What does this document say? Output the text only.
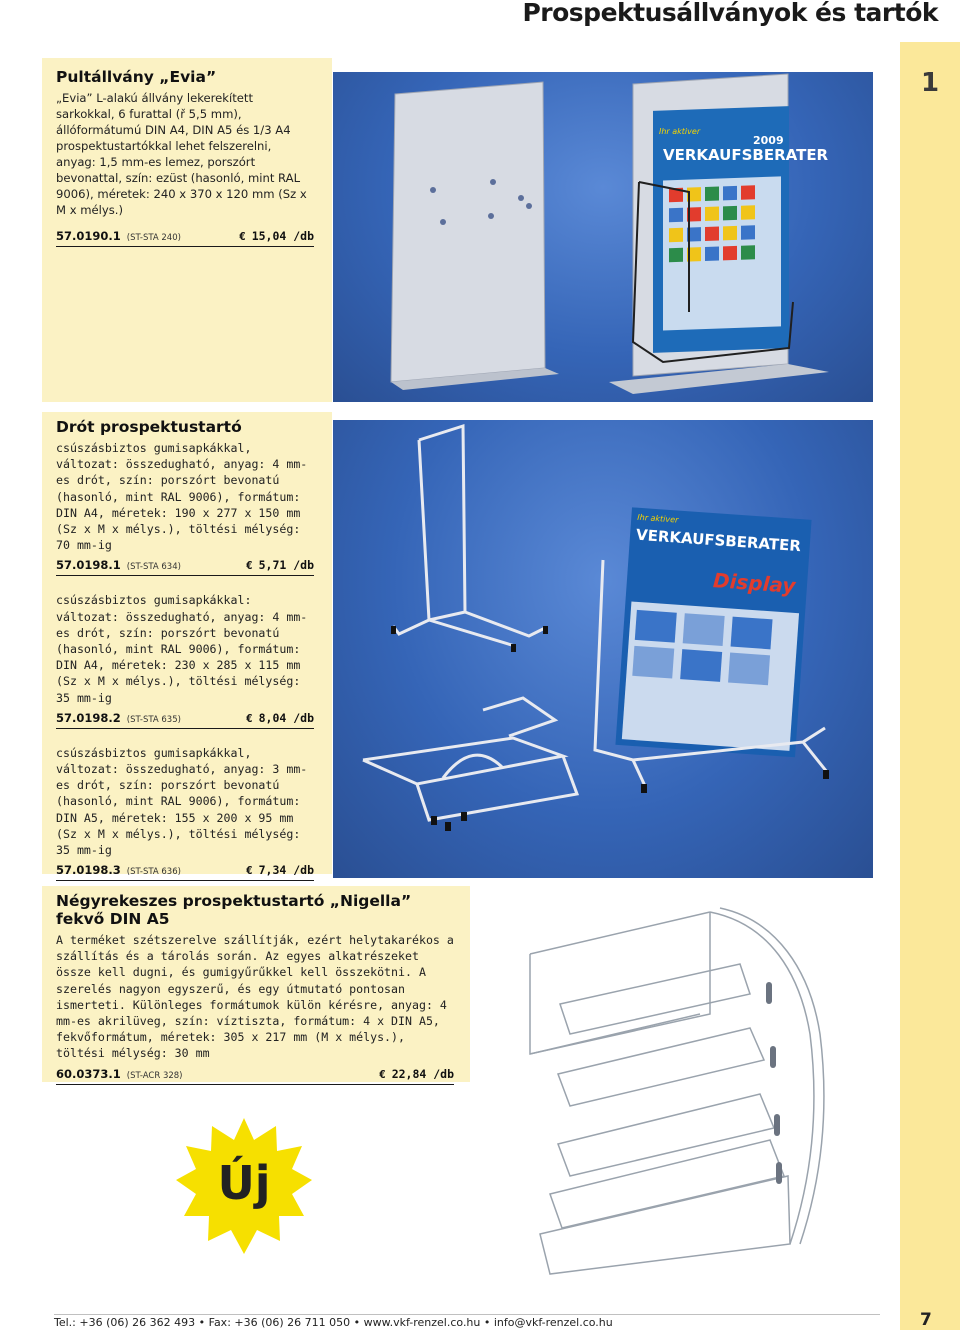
Prospektusállványok és tartók
1
Pultállvány „Evia”

„Evia” L-alakú állvány lekerekített sarkokkal, 6 furattal (ř 5,5 mm), állóformátumú DIN A4, DIN A5 és 1/3 A4 prospektustartókkal lehet felszerelni, anyag: 1,5 mm-es lemez, porszórt bevonattal, szín: ezüst (hasonló, mint RAL 9006), méretek: 240 x 370 x 120 mm (Sz x M x mélys.)

57.0190.1 (ST-STA 240)	€ 15,04 /db
Ihr aktiver
VERKAUFSBERATER
2009
Drót prospektustartó

csúszásbiztos gumisapkákkal, változat: összedugható, anyag: 4 mm-es drót, szín: porszórt bevonatú (hasonló, mint RAL 9006), formátum: DIN A4, méretek: 190 x 277 x 150 mm (Sz x M x mélys.), töltési mélység: 70 mm-ig

57.0198.1 (ST-STA 634)	€ 5,71 /db

csúszásbiztos gumisapkákkal: változat: összedugható, anyag: 4 mm-es drót, szín: porszórt bevonatú (hasonló, mint RAL 9006), formátum: DIN A4, méretek: 230 x 285 x 115 mm (Sz x M x mélys.), töltési mélység: 35 mm-ig

57.0198.2 (ST-STA 635)	€ 8,04 /db

csúszásbiztos gumisapkákkal, változat: összedugható, anyag: 3 mm-es drót, szín: porszórt bevonatú (hasonló, mint RAL 9006), formátum: DIN A5, méretek: 155 x 200 x 95 mm (Sz x M x mélys.), töltési mélység: 35 mm-ig

57.0198.3 (ST-STA 636)	€ 7,34 /db
Ihr aktiver
VERKAUFSBERATER
Display
Négyrekeszes prospektustartó „Nigella” fekvő DIN A5

A terméket szétszerelve szállítják, ezért helytakarékos a szállítás és a tárolás során. Az egyes alkatrészeket össze kell dugni, és gumigyűrűkkel kell összekötni. A szerelés nagyon egyszerű, és egy útmutató pontosan ismerteti. Különleges formátumok külön kérésre, anyag: 4 mm-es akrilüveg, szín: víztiszta, formátum: 4 x DIN A5, fekvőformátum, méretek: 305 x 217 mm (M x mélys.), töltési mélység: 30 mm

60.0373.1 (ST-ACR 328)	€ 22,84 /db
Új
Tel.: +36 (06) 26 362 493 • Fax: +36 (06) 26 711 050 • www.vkf-renzel.co.hu • info@vkf-renzel.co.hu	7
